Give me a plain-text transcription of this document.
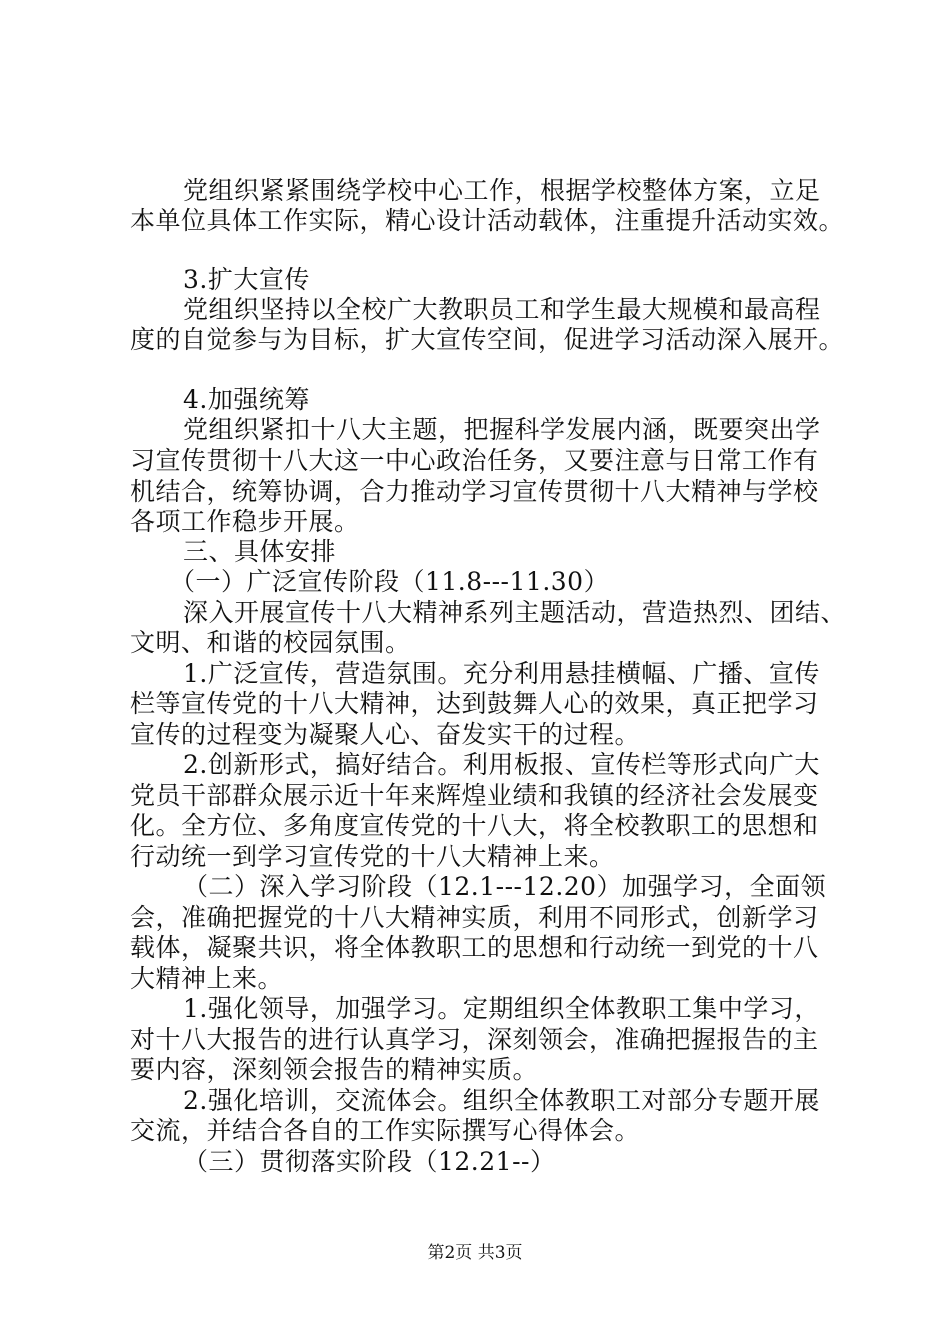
党组织紧紧围绕学校中心工作，根据学校整体方案，立足
本单位具体工作实际，精心设计活动载体，注重提升活动实效。
3.扩大宣传
党组织坚持以全校广大教职员工和学生最大规模和最高程
度的自觉参与为目标，扩大宣传空间，促进学习活动深入展开。
4.加强统筹
党组织紧扣十八大主题，把握科学发展内涵，既要突出学
习宣传贯彻十八大这一中心政治任务，又要注意与日常工作有
机结合，统筹协调，合力推动学习宣传贯彻十八大精神与学校
各项工作稳步开展。
三、具体安排
（一）广泛宣传阶段（11.8---11.30）
深入开展宣传十八大精神系列主题活动，营造热烈、团结、
文明、和谐的校园氛围。
1.广泛宣传，营造氛围。充分利用悬挂横幅、广播、宣传
栏等宣传党的十八大精神，达到鼓舞人心的效果，真正把学习
宣传的过程变为凝聚人心、奋发实干的过程。
2.创新形式，搞好结合。利用板报、宣传栏等形式向广大
党员干部群众展示近十年来辉煌业绩和我镇的经济社会发展变
化。全方位、多角度宣传党的十八大，将全校教职工的思想和
行动统一到学习宣传党的十八大精神上来。
（二）深入学习阶段（12.1---12.20）加强学习，全面领
会，准确把握党的十八大精神实质，利用不同形式，创新学习
载体，凝聚共识，将全体教职工的思想和行动统一到党的十八
大精神上来。
1.强化领导，加强学习。定期组织全体教职工集中学习，
对十八大报告的进行认真学习，深刻领会，准确把握报告的主
要内容，深刻领会报告的精神实质。
2.强化培训，交流体会。组织全体教职工对部分专题开展
交流，并结合各自的工作实际撰写心得体会。
（三）贯彻落实阶段（12.21--）
第2页 共3页
